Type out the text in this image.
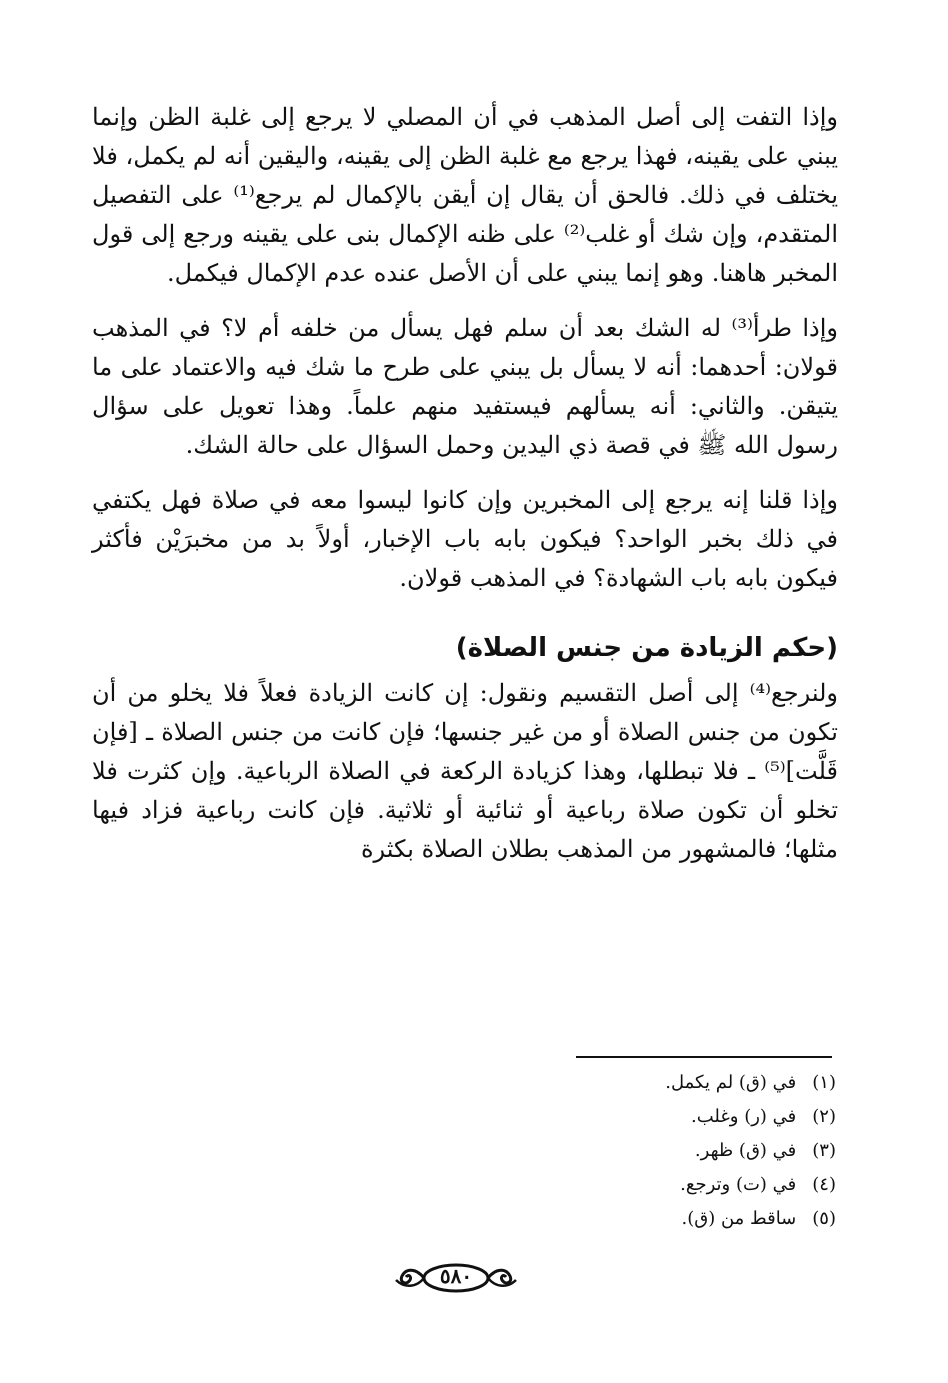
وإذا التفت إلى أصل المذهب في أن المصلي لا يرجع إلى غلبة الظن وإنما يبني على يقينه، فهذا يرجع مع غلبة الظن إلى يقينه، واليقين أنه لم يكمل، فلا يختلف في ذلك. فالحق أن يقال إن أيقن بالإكمال لم يرجع⁽¹⁾ على التفصيل المتقدم، وإن شك أو غلب⁽²⁾ على ظنه الإكمال بنى على يقينه ورجع إلى قول المخبر هاهنا. وهو إنما يبني على أن الأصل عنده عدم الإكمال فيكمل.

وإذا طرأ⁽³⁾ له الشك بعد أن سلم فهل يسأل من خلفه أم لا؟ في المذهب قولان: أحدهما: أنه لا يسأل بل يبني على طرح ما شك فيه والاعتماد على ما يتيقن. والثاني: أنه يسألهم فيستفيد منهم علماً. وهذا تعويل على سؤال رسول الله ﷺ في قصة ذي اليدين وحمل السؤال على حالة الشك.

وإذا قلنا إنه يرجع إلى المخبرين وإن كانوا ليسوا معه في صلاة فهل يكتفي في ذلك بخبر الواحد؟ فيكون بابه باب الإخبار، أولاً بد من مخبرَيْن فأكثر فيكون بابه باب الشهادة؟ في المذهب قولان.

(حكم الزيادة من جنس الصلاة)

ولنرجع⁽⁴⁾ إلى أصل التقسيم ونقول: إن كانت الزيادة فعلاً فلا يخلو من أن تكون من جنس الصلاة أو من غير جنسها؛ فإن كانت من جنس الصلاة ـ [فإن قَلَّت]⁽⁵⁾ ـ فلا تبطلها، وهذا كزيادة الركعة في الصلاة الرباعية. وإن كثرت فلا تخلو أن تكون صلاة رباعية أو ثنائية أو ثلاثية. فإن كانت رباعية فزاد فيها مثلها؛ فالمشهور من المذهب بطلان الصلاة بكثرة

(١) في (ق) لم يكمل.
(٢) في (ر) وغلب.
(٣) في (ق) ظهر.
(٤) في (ت) وترجع.
(٥) ساقط من (ق).
٥٨٠
